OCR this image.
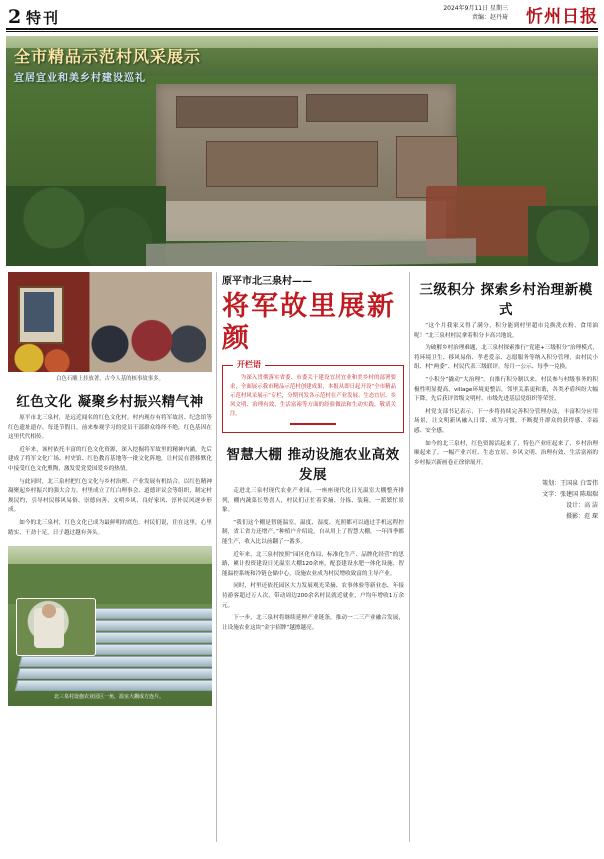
2 特刊
2024年9月11日 星期三
责编：赵丹琦 忻州日报
全市精品示范村风采展示
宜居宜业和美乡村建设巡礼
白色石雕上挂放著，古今人基的核事故事多。
红色文化 凝聚乡村振兴精气神

原平市北三泉村，是远近闻名的红色文化村。村内现存有将军故居、纪念馆等红色遗址遗存，每逢节假日，前来参观学习的党员干部群众络绎不绝，红色基因在这里代代相传。

近年来，该村依托丰富的红色文化资源，深入挖掘将军故里的精神内涵，先后建成了将军文化广场、村史馆、红色教育基地等一批文化阵地，让村民在潜移默化中接受红色文化熏陶，激发爱党爱国爱乡的热情。

与此同时，北三泉村把红色文化与乡村治理、产业发展有机结合，以红色精神凝聚起乡村振兴的强大合力。村里成立了红白理事会、道德评议会等组织，制定村规民约，引导村民移风易俗、崇德向善，文明乡风、良好家风、淳朴民风逐步形成。

如今的北三泉村，红色文化已成为最鲜明的底色。村民们说，住在这里，心里踏实、干劲十足，日子越过越有奔头。

北三泉村设施农业园区一角，温室大棚成方连片。
原平市北三泉村——
将军故里展新颜
开栏语
为深入贯彻落实省委、市委关于建设宜居宜业和美乡村的部署要求，全面展示我市精品示范村创建成果，本报从即日起开设“全市精品示范村风采展示”专栏，分期刊发各示范村在产业发展、生态宜居、乡风文明、治理有效、生活富裕等方面的经验做法和生动实践，敬请关注。
智慧大棚 推动设施农业高效发展

走进北三泉村现代农业产业园，一座座现代化日光温室大棚整齐排列，棚内蔬菜长势喜人，村民们正忙着采摘、分拣、装箱，一派繁忙景象。

“我们这个棚是智能温室，温度、湿度、光照都可以通过手机远程控制，省工省力还增产。”种植户介绍说，自从用上了智慧大棚，一年四季都能生产，收入比以前翻了一番多。

近年来，北三泉村按照“园区化布局、标准化生产、品牌化经营”的思路，累计投资建设日光温室大棚120余座，配套建设水肥一体化设施、智能温控系统和冷链仓储中心，设施农业成为村民增收致富的主导产业。

同时，村里还依托园区大力发展观光采摘、农事体验等新业态，年接待游客超过万人次，带动周边200余名村民就近就业，户均年增收1万余元。

下一步，北三泉村将继续延伸产业链条，推动一二三产业融合发展，让设施农业这块“金字招牌”越擦越亮。

三级积分 探索乡村治理新模式

“这个月我家又得了满分，积分能到村里超市兑换洗衣粉、食用油呢！”北三泉村村民拿着积分卡高兴地说。

为破解乡村治理难题，北三泉村探索推行“党建+三级积分”治理模式，将环境卫生、移风易俗、孝老爱亲、志愿服务等纳入积分管理，由村民小组、村“两委”、村民代表三级联评，每月一公示、每季一兑换。

“小积分”撬动“大治理”。自推行积分制以来，村民参与村级事务的积极性明显提高，village环境更整洁，邻里关系更和谐，各类矛盾纠纷大幅下降，先后获评省级文明村、市级先进基层党组织等荣誉。

村党支部书记表示，下一步将持续完善积分管理办法，丰富积分应用场景，让文明新风融入日常、成为习惯，不断提升群众的获得感、幸福感、安全感。

如今的北三泉村，红色资源活起来了，特色产业旺起来了，乡村治理顺起来了，一幅产业兴旺、生态宜居、乡风文明、治理有效、生活富裕的乡村振兴新画卷正徐徐展开。

策划：王国泉 白雪伟
文字：张建国 陈瑞瑞
设计：高 洁
摄影：范 琛
